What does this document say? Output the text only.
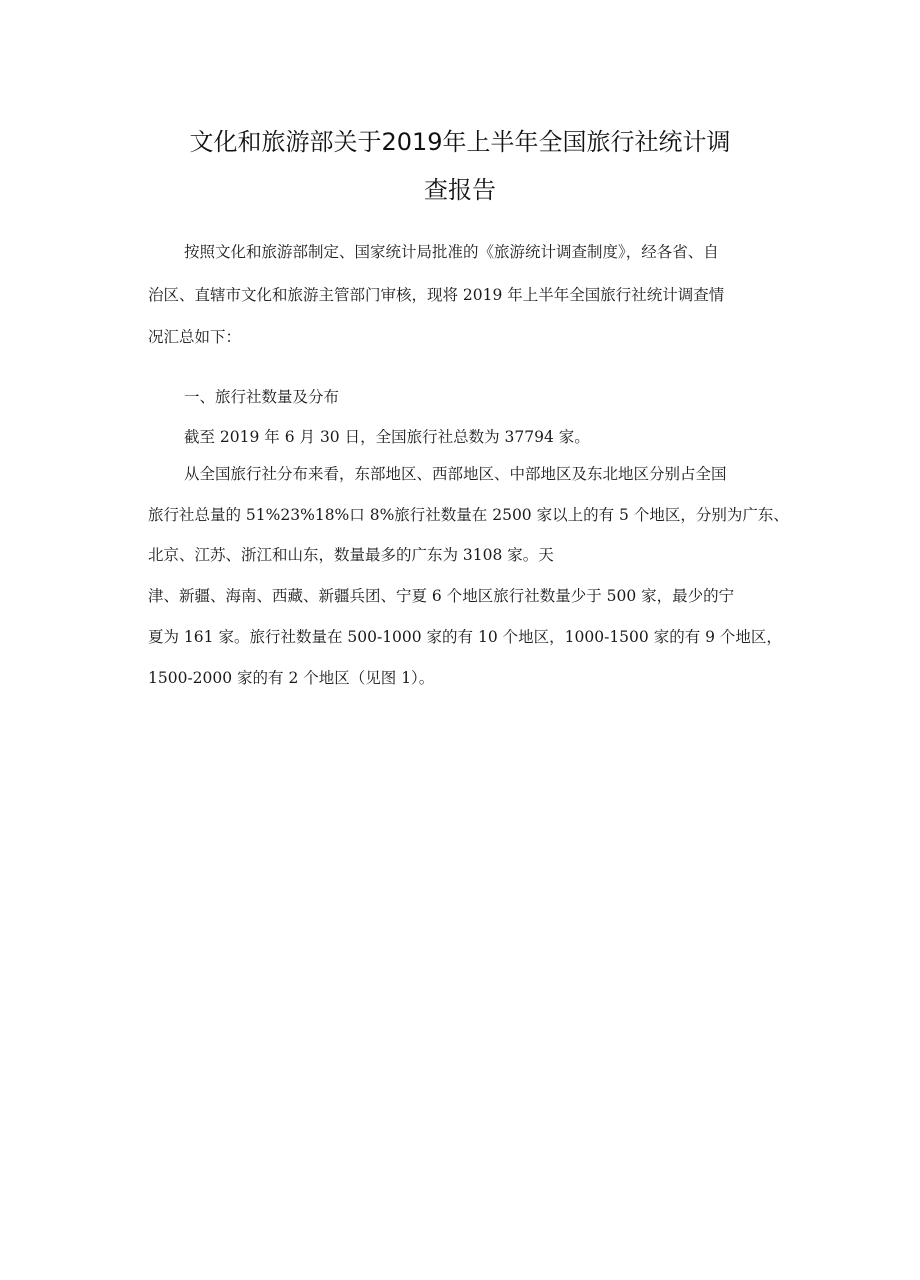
文化和旅游部关于2019年上半年全国旅行社统计调
查报告

按照文化和旅游部制定、国家统计局批准的《旅游统计调查制度》，经各省、自

治区、直辖市文化和旅游主管部门审核，现将 2019 年上半年全国旅行社统计调查情

况汇总如下：

一、旅行社数量及分布

截至 2019 年 6 月 30 日，全国旅行社总数为 37794 家。

从全国旅行社分布来看，东部地区、西部地区、中部地区及东北地区分别占全国

旅行社总量的 51%23%18%口 8%旅行社数量在 2500 家以上的有 5 个地区，分别为广东、

北京、江苏、浙江和山东，数量最多的广东为 3108 家。天

津、新疆、海南、西藏、新疆兵团、宁夏 6 个地区旅行社数量少于 500 家，最少的宁

夏为 161 家。旅行社数量在 500-1000 家的有 10 个地区，1000-1500 家的有 9 个地区，

1500-2000 家的有 2 个地区（见图 1）。
